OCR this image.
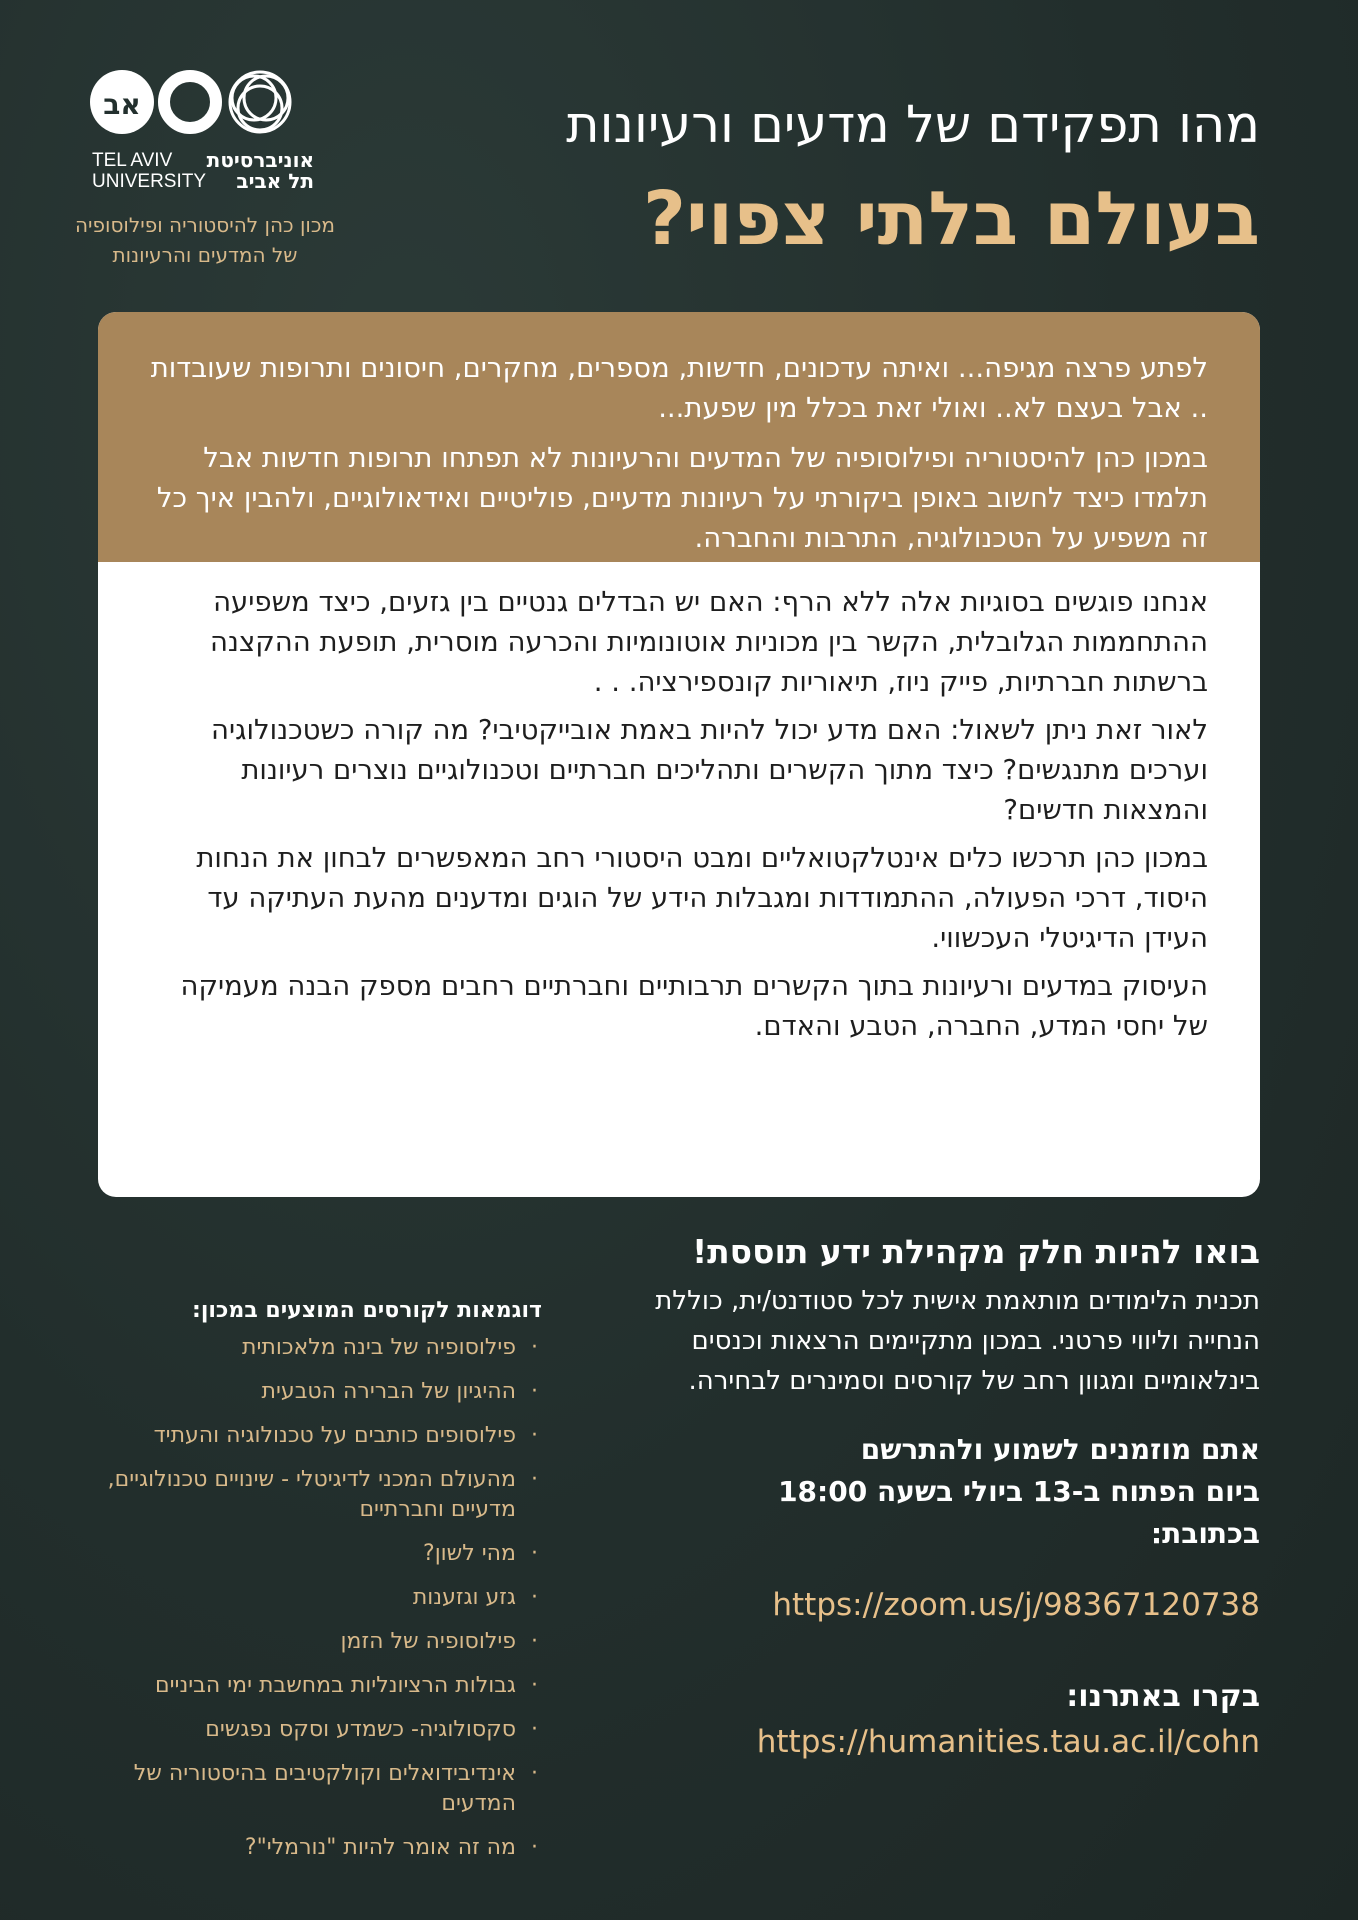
אב
אוניברסיטת תל אביב
TEL AVIV UNIVERSITY
מכון כהן להיסטוריה ופילוסופיה
של המדעים והרעיונות
מהו תפקידם של מדעים ורעיונות
בעולם בלתי צפוי?

לפתע פרצה מגיפה... ואיתה עדכונים, חדשות, מספרים, מחקרים, חיסונים ותרופות שעובדות .. אבל בעצם לא.. ואולי זאת בכלל מין שפעת...

במכון כהן להיסטוריה ופילוסופיה של המדעים והרעיונות לא תפתחו תרופות חדשות אבל תלמדו כיצד לחשוב באופן ביקורתי על רעיונות מדעיים, פוליטיים ואידאולוגיים, ולהבין איך כל זה משפיע על הטכנולוגיה, התרבות והחברה.

אנחנו פוגשים בסוגיות אלה ללא הרף: האם יש הבדלים גנטיים בין גזעים, כיצד משפיעה ההתחממות הגלובלית, הקשר בין מכוניות אוטונומיות והכרעה מוסרית, תופעת ההקצנה ברשתות חברתיות, פייק ניוז, תיאוריות קונספירציה. . .

לאור זאת ניתן לשאול: האם מדע יכול להיות באמת אובייקטיבי? מה קורה כשטכנולוגיה וערכים מתנגשים? כיצד מתוך הקשרים ותהליכים חברתיים וטכנולוגיים נוצרים רעיונות והמצאות חדשים?

במכון כהן תרכשו כלים אינטלקטואליים ומבט היסטורי רחב המאפשרים לבחון את הנחות היסוד, דרכי הפעולה, ההתמודדות ומגבלות הידע של הוגים ומדענים מהעת העתיקה עד העידן הדיגיטלי העכשווי.

העיסוק במדעים ורעיונות בתוך הקשרים תרבותיים וחברתיים רחבים מספק הבנה מעמיקה של יחסי המדע, החברה, הטבע והאדם.

בואו להיות חלק מקהילת ידע תוססת!

תכנית הלימודים מותאמת אישית לכל סטודנט/ית, כוללת הנחייה וליווי פרטני. במכון מתקיימים הרצאות וכנסים בינלאומיים ומגוון רחב של קורסים וסמינרים לבחירה.

אתם מוזמנים לשמוע ולהתרשם

ביום הפתוח ב-13 ביולי בשעה 18:00

בכתובת:

https://zoom.us/j/98367120738

בקרו באתרנו:

https://humanities.tau.ac.il/cohn

דוגמאות לקורסים המוצעים במכון:

·
פילוסופיה של בינה מלאכותית
·
ההיגיון של הברירה הטבעית
·
פילוסופים כותבים על טכנולוגיה והעתיד
·
מהעולם המכני לדיגיטלי - שינויים טכנולוגיים, מדעיים וחברתיים
·
מהי לשון?
·
גזע וגזענות
·
פילוסופיה של הזמן
·
גבולות הרציונליות במחשבת ימי הביניים
·
סקסולוגיה- כשמדע וסקס נפגשים
·
אינדיבידואלים וקולקטיבים בהיסטוריה של המדעים
·
מה זה אומר להיות "נורמלי"?
